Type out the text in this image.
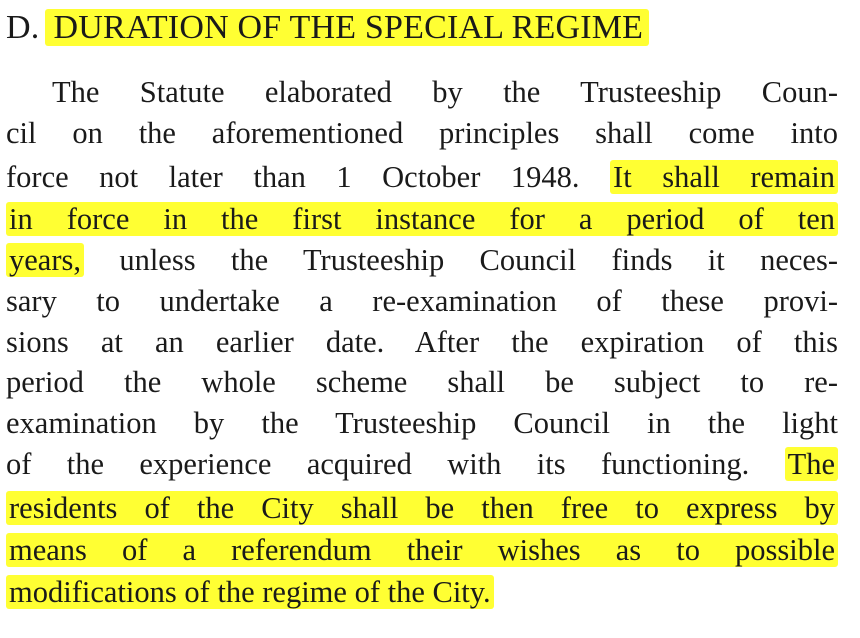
D. DURATION OF THE SPECIAL REGIME
The Statute elaborated by the Trusteeship Coun-
cil on the aforementioned principles shall come into
force not later than 1 October 1948. It shall remain
in force in the first instance for a period of ten
years, unless the Trusteeship Council finds it neces-
sary to undertake a re-examination of these provi-
sions at an earlier date. After the expiration of this
period the whole scheme shall be subject to re-
examination by the Trusteeship Council in the light
of the experience acquired with its functioning. The
residents of the City shall be then free to express by
means of a referendum their wishes as to possible
modifications of the regime of the City.
